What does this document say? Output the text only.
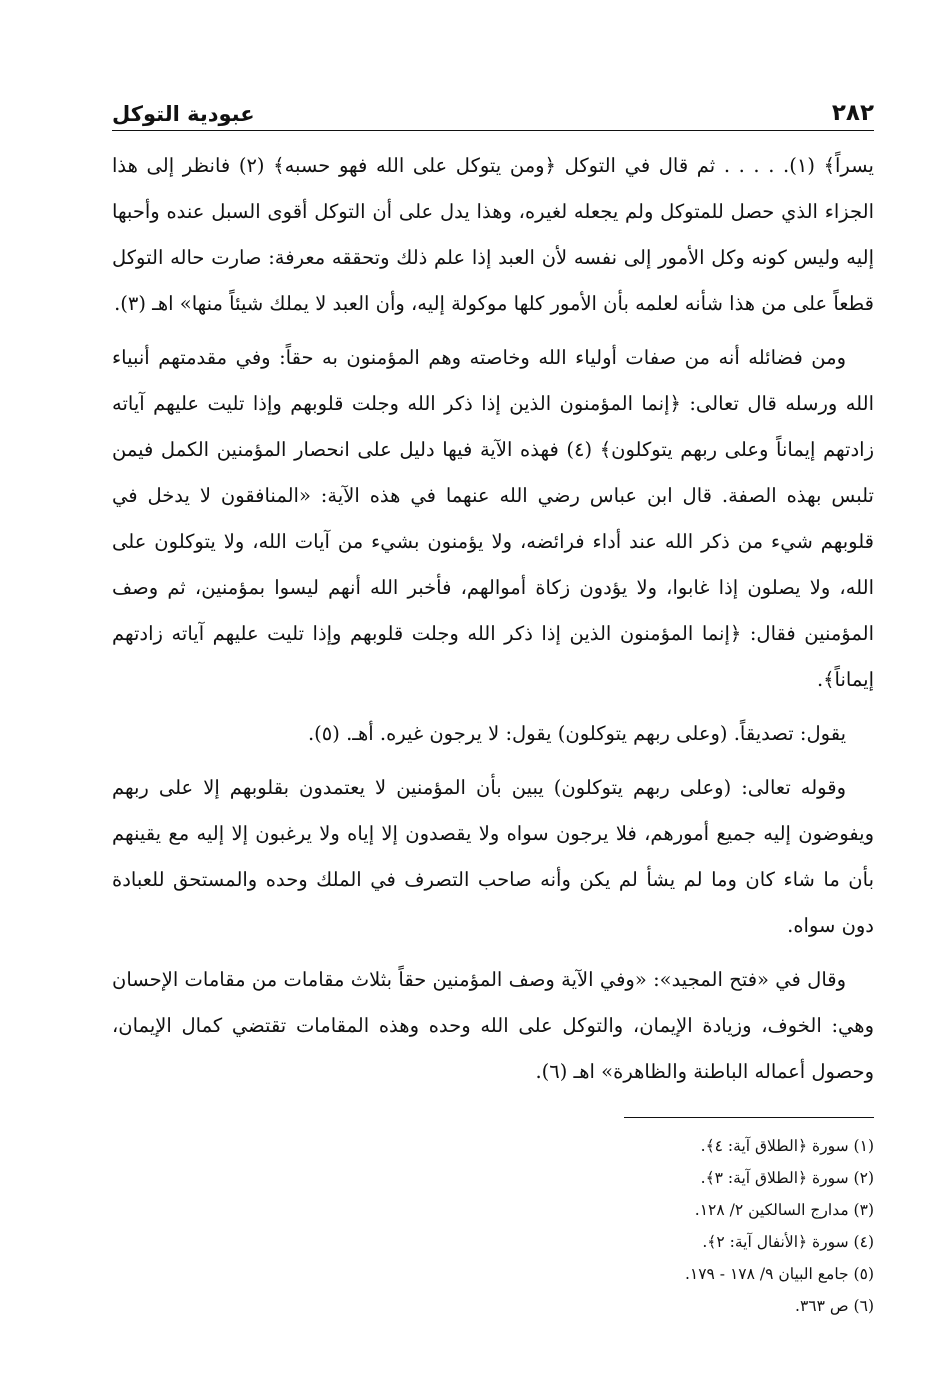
٢٨٢
عبودية التوكل

يسراً﴾ (١). . . . . ثم قال في التوكل ﴿ومن يتوكل على الله فهو حسبه﴾ (٢) فانظر إلى هذا الجزاء الذي حصل للمتوكل ولم يجعله لغيره، وهذا يدل على أن التوكل أقوى السبل عنده وأحبها إليه وليس كونه وكل الأمور إلى نفسه لأن العبد إذا علم ذلك وتحققه معرفة: صارت حاله التوكل قطعاً على من هذا شأنه لعلمه بأن الأمور كلها موكولة إليه، وأن العبد لا يملك شيئاً منها» اهـ (٣).

ومن فضائله أنه من صفات أولياء الله وخاصته وهم المؤمنون به حقاً: وفي مقدمتهم أنبياء الله ورسله قال تعالى: ﴿إنما المؤمنون الذين إذا ذكر الله وجلت قلوبهم وإذا تليت عليهم آياته زادتهم إيماناً وعلى ربهم يتوكلون﴾ (٤) فهذه الآية فيها دليل على انحصار المؤمنين الكمل فيمن تلبس بهذه الصفة. قال ابن عباس رضي الله عنهما في هذه الآية: «المنافقون لا يدخل في قلوبهم شيء من ذكر الله عند أداء فرائضه، ولا يؤمنون بشيء من آيات الله، ولا يتوكلون على الله، ولا يصلون إذا غابوا، ولا يؤدون زكاة أموالهم، فأخبر الله أنهم ليسوا بمؤمنين، ثم وصف المؤمنين فقال: ﴿إنما المؤمنون الذين إذا ذكر الله وجلت قلوبهم وإذا تليت عليهم آياته زادتهم إيماناً﴾.

يقول: تصديقاً. (وعلى ربهم يتوكلون) يقول: لا يرجون غيره. أهـ. (٥).

وقوله تعالى: (وعلى ربهم يتوكلون) يبين بأن المؤمنين لا يعتمدون بقلوبهم إلا على ربهم ويفوضون إليه جميع أمورهم، فلا يرجون سواه ولا يقصدون إلا إياه ولا يرغبون إلا إليه مع يقينهم بأن ما شاء كان وما لم يشأ لم يكن وأنه صاحب التصرف في الملك وحده والمستحق للعبادة دون سواه.

وقال في «فتح المجيد»: «وفي الآية وصف المؤمنين حقاً بثلاث مقامات من مقامات الإحسان وهي: الخوف، وزيادة الإيمان، والتوكل على الله وحده وهذه المقامات تقتضي كمال الإيمان، وحصول أعماله الباطنة والظاهرة» اهـ (٦).

(١) سورة ﴿الطلاق آية: ٤﴾.

(٢) سورة ﴿الطلاق آية: ٣﴾.

(٣) مدارج السالكين ٢/ ١٢٨.

(٤) سورة ﴿الأنفال آية: ٢﴾.

(٥) جامع البيان ٩/ ١٧٨ - ١٧٩.

(٦) ص ٣٦٣.
